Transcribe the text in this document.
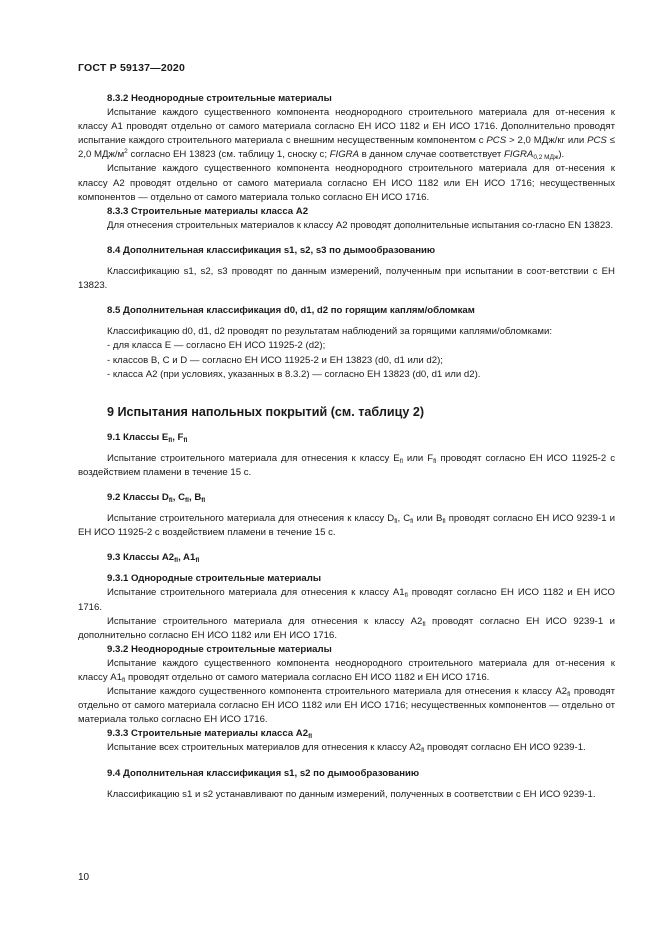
ГОСТ Р 59137—2020

8.3.2 Неоднородные строительные материалы

Испытание каждого существенного компонента неоднородного строительного материала для от-несения к классу А1 проводят отдельно от самого материала согласно ЕН ИСО 1182 и ЕН ИСО 1716. Дополнительно проводят испытание каждого строительного материала с внешним несущественным компонентом с PCS > 2,0 МДж/кг или PCS ≤ 2,0 МДж/$м^2$ согласно ЕН 13823 (см. таблицу 1, сноску с; FIGRA в данном случае соответствует $FIGRA_{0,2 МДж}$).

Испытание каждого существенного компонента неоднородного строительного материала для от-несения к классу А2 проводят отдельно от самого материала согласно ЕН ИСО 1182 или ЕН ИСО 1716; несущественных компонентов — отдельно от самого материала только согласно ЕН ИСО 1716.

8.3.3 Строительные материалы класса А2

Для отнесения строительных материалов к классу А2 проводят дополнительные испытания со-гласно EN 13823.

8.4 Дополнительная классификация s1, s2, s3 по дымообразованию

Классификацию s1, s2, s3 проводят по данным измерений, полученным при испытании в соот-ветствии с ЕН 13823.

8.5 Дополнительная классификация d0, d1, d2 по горящим каплям/обломкам

Классификацию d0, d1, d2 проводят по результатам наблюдений за горящими каплями/обломками:

- для класса Е — согласно ЕН ИСО 11925-2 (d2);

- классов В, С и D — согласно ЕН ИСО 11925-2 и ЕН 13823 (d0, d1 или d2);

- класса А2 (при условиях, указанных в 8.3.2) — согласно ЕН 13823 (d0, d1 или d2).

9 Испытания напольных покрытий (см. таблицу 2)

9.1 Классы $E_{fl}$, $F_{fl}$

Испытание строительного материала для отнесения к классу $E_{fl}$ или $F_{fl}$ проводят согласно ЕН ИСО 11925-2 с воздействием пламени в течение 15 с.

9.2 Классы $D_{fl}$, $C_{fl}$, $B_{fl}$

Испытание строительного материала для отнесения к классу $D_{fl}$, $C_{fl}$ или $B_{fl}$ проводят согласно ЕН ИСО 9239-1 и ЕН ИСО 11925-2 с воздействием пламени в течение 15 с.

9.3 Классы $A2_{fl}$, $A1_{fl}$

9.3.1 Однородные строительные материалы

Испытание строительного материала для отнесения к классу $A1_{fl}$ проводят согласно ЕН ИСО 1182 и ЕН ИСО 1716.

Испытание строительного материала для отнесения к классу $A2_{fl}$ проводят согласно ЕН ИСО 9239-1 и дополнительно согласно ЕН ИСО 1182 или ЕН ИСО 1716.

9.3.2 Неоднородные строительные материалы

Испытание каждого существенного компонента неоднородного строительного материала для от-несения к классу $A1_{fl}$ проводят отдельно от самого материала согласно ЕН ИСО 1182 и ЕН ИСО 1716.

Испытание каждого существенного компонента строительного материала для отнесения к классу $A2_{fl}$ проводят отдельно от самого материала согласно ЕН ИСО 1182 или ЕН ИСО 1716; несущественных компонентов — отдельно от материала только согласно ЕН ИСО 1716.

9.3.3 Строительные материалы класса $A2_{fl}$

Испытание всех строительных материалов для отнесения к классу $A2_{fl}$ проводят согласно ЕН ИСО 9239-1.

9.4 Дополнительная классификация s1, s2 по дымообразованию

Классификацию s1 и s2 устанавливают по данным измерений, полученных в соответствии с ЕН ИСО 9239-1.

10
